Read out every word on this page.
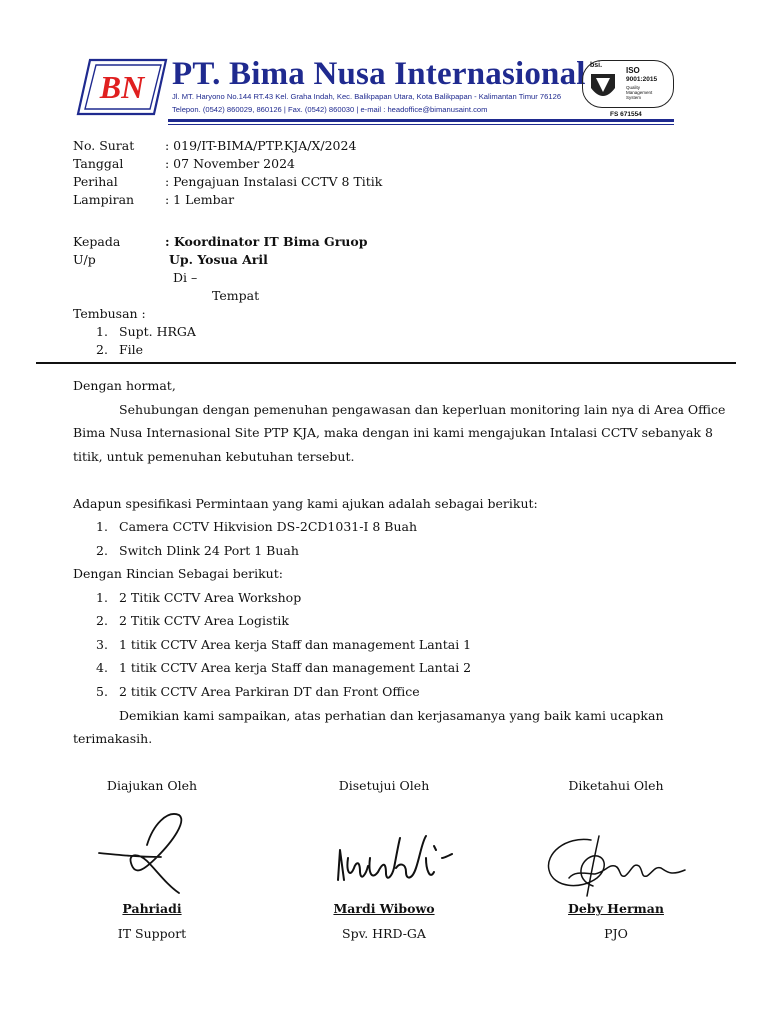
BN PT. Bima Nusa Internasional
Jl. MT. Haryono No.144 RT.43 Kel. Graha Indah, Kec. Balikpapan Utara, Kota Balikpapan - Kalimantan Timur 76126
Telepon. (0542) 860029, 860126 | Fax. (0542) 860030 | e-mail : headoffice@bimanusaint.com
bsi.
ISO
9001:2015
Quality
Management
System
FS 671554
No. Surat : 019/IT-BIMA/PTP.KJA/X/2024
Tanggal	: 07 November 2024
Perihal	: Pengajuan Instalasi CCTV 8 Titik
Lampiran : 1 Lembar
Kepada	: Koordinator IT Bima Gruop
U/p	Up. Yosua Aril
Di –
Tempat
Tembusan :
1. Supt. HRGA
2. File
Dengan hormat,
Sehubungan dengan pemenuhan pengawasan dan keperluan monitoring lain nya di Area Office
Bima Nusa Internasional Site PTP KJA, maka dengan ini kami mengajukan Intalasi CCTV sebanyak 8
titik, untuk pemenuhan kebutuhan tersebut.
Adapun spesifikasi Permintaan yang kami ajukan adalah sebagai berikut:
1. Camera CCTV Hikvision DS-2CD1031-I 8 Buah
2. Switch Dlink 24 Port 1 Buah
Dengan Rincian Sebagai berikut:
1. 2 Titik CCTV Area Workshop
2. 2 Titik CCTV Area Logistik
3. 1 titik CCTV Area kerja Staff dan management Lantai 1
4. 1 titik CCTV Area kerja Staff dan management Lantai 2
5. 2 titik CCTV Area Parkiran DT dan Front Office
Demikian kami sampaikan, atas perhatian dan kerjasamanya yang baik kami ucapkan
terimakasih.
Diajukan Oleh	Disetujui Oleh	Diketahui Oleh
Pahriadi	Mardi Wibowo	Deby Herman
IT Support	Spv. HRD-GA	PJO
